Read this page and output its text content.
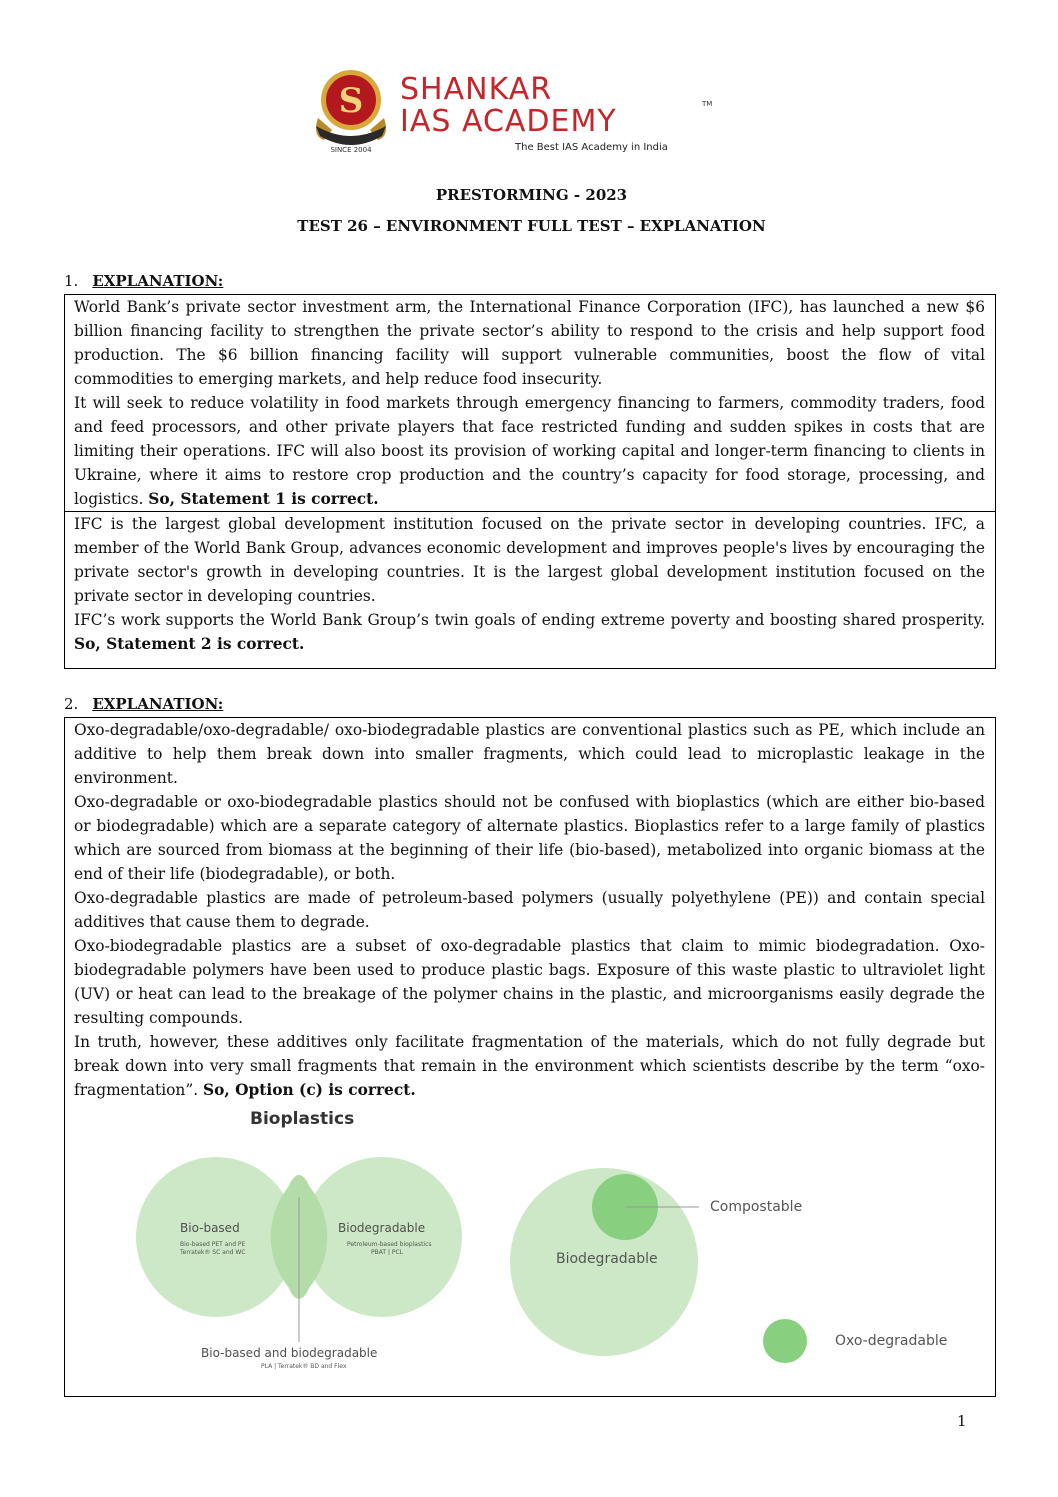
S
SINCE 2004
SHANKAR
IAS ACADEMY	TM
The Best IAS Academy in India
PRESTORMING - 2023
TEST 26 – ENVIRONMENT FULL TEST – EXPLANATION
1. EXPLANATION:

World Bank’s private sector investment arm, the International Finance Corporation (IFC), has launched a new $6 billion financing facility to strengthen the private sector’s ability to respond to the crisis and help support food production. The $6 billion financing facility will support vulnerable communities, boost the flow of vital commodities to emerging markets, and help reduce food insecurity.

It will seek to reduce volatility in food markets through emergency financing to farmers, commodity traders, food and feed processors, and other private players that face restricted funding and sudden spikes in costs that are limiting their operations. IFC will also boost its provision of working capital and longer-term financing to clients in Ukraine, where it aims to restore crop production and the country’s capacity for food storage, processing, and logistics. So, Statement 1 is correct.

IFC is the largest global development institution focused on the private sector in developing countries. IFC, a member of the World Bank Group, advances economic development and improves people's lives by encouraging the private sector's growth in developing countries. It is the largest global development institution focused on the private sector in developing countries.

IFC’s work supports the World Bank Group’s twin goals of ending extreme poverty and boosting shared prosperity. So, Statement 2 is correct.

2. EXPLANATION:

Oxo-degradable/oxo-degradable/ oxo-biodegradable plastics are conventional plastics such as PE, which include an additive to help them break down into smaller fragments, which could lead to microplastic leakage in the environment.

Oxo-degradable or oxo-biodegradable plastics should not be confused with bioplastics (which are either bio-based or biodegradable) which are a separate category of alternate plastics. Bioplastics refer to a large family of plastics which are sourced from biomass at the beginning of their life (bio-based), metabolized into organic biomass at the end of their life (biodegradable), or both.

Oxo-degradable plastics are made of petroleum-based polymers (usually polyethylene (PE)) and contain special additives that cause them to degrade.

Oxo-biodegradable plastics are a subset of oxo-degradable plastics that claim to mimic biodegradation. Oxo-biodegradable polymers have been used to produce plastic bags. Exposure of this waste plastic to ultraviolet light (UV) or heat can lead to the breakage of the polymer chains in the plastic, and microorganisms easily degrade the resulting compounds.

In truth, however, these additives only facilitate fragmentation of the materials, which do not fully degrade but break down into very small fragments that remain in the environment which scientists describe by the term “oxo-fragmentation”. So, Option (c) is correct.

Bioplastics
Bio-based
Bio-based PET and PE
Terratek® SC and WC
Biodegradable
Petroleum-based bioplastics
PBAT | PCL
Bio-based and biodegradable
PLA | Terratek® BD and Flex
Compostable
Biodegradable
Oxo-degradable
1
